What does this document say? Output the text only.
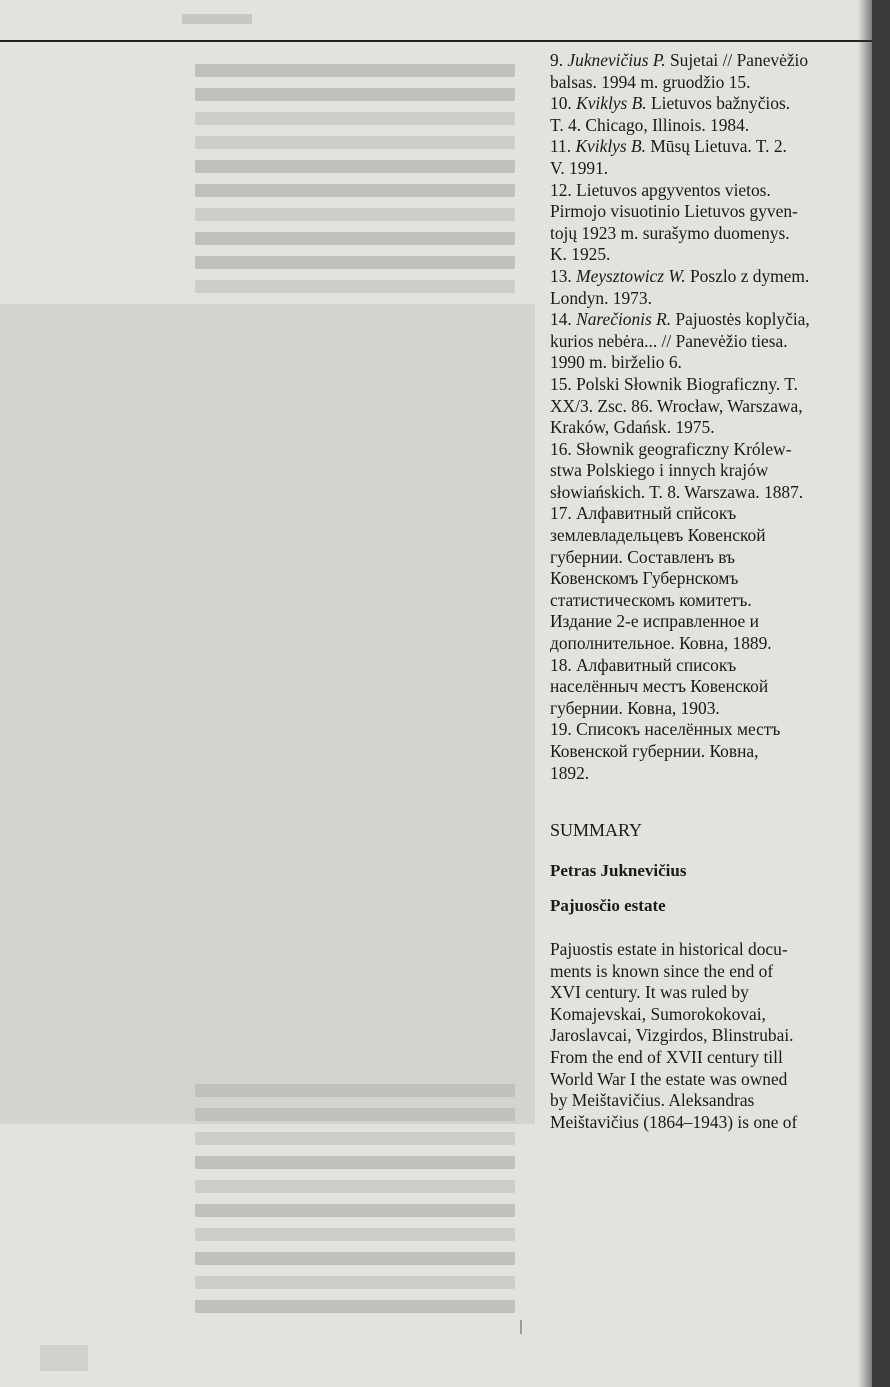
9. Juknevičius P. Sujetai // Panevėžio
balsas. 1994 m. gruodžio 15.
10. Kviklys B. Lietuvos bažnyčios.
T. 4. Chicago, Illinois. 1984.
11. Kviklys B. Mūsų Lietuva. T. 2.
V. 1991.
12. Lietuvos apgyventos vietos.
Pirmojo visuotinio Lietuvos gyven-
tojų 1923 m. surašymo duomenys.
K. 1925.
13. Meysztowicz W. Poszlo z dymem.
Londyn. 1973.
14. Narečionis R. Pajuostės koplyčia,
kurios nebėra... // Panevėžio tiesa.
1990 m. birželio 6.
15. Polski Słownik Biograficzny. T.
XX/3. Zsc. 86. Wrocław, Warszawa,
Kraków, Gdańsk. 1975.
16. Słownik geograficzny Królew-
stwa Polskiego i innych krajów
słowiańskich. T. 8. Warszawa. 1887.
17. Алфавитный спйсокъ
землевладельцевъ Ковенской
губернии. Составленъ въ
Ковенскомъ Губернскомъ
статистическомъ комитетъ.
Издание 2-е исправленное и
дополнительное. Ковна, 1889.
18. Алфавитный списокъ
населённыч местъ Ковенской
губернии. Ковна, 1903.
19. Списокъ населённых местъ
Ковенской губернии. Ковна,
1892.
SUMMARY
Petras Juknevičius
Pajuosčio estate
Pajuostis estate in historical docu-
ments is known since the end of
XVI century. It was ruled by
Komajevskai, Sumorokokovai,
Jaroslavcai, Vizgirdos, Blinstrubai.
From the end of XVII century till
World War I the estate was owned
by Meištavičius. Aleksandras
Meištavičius (1864–1943) is one of
